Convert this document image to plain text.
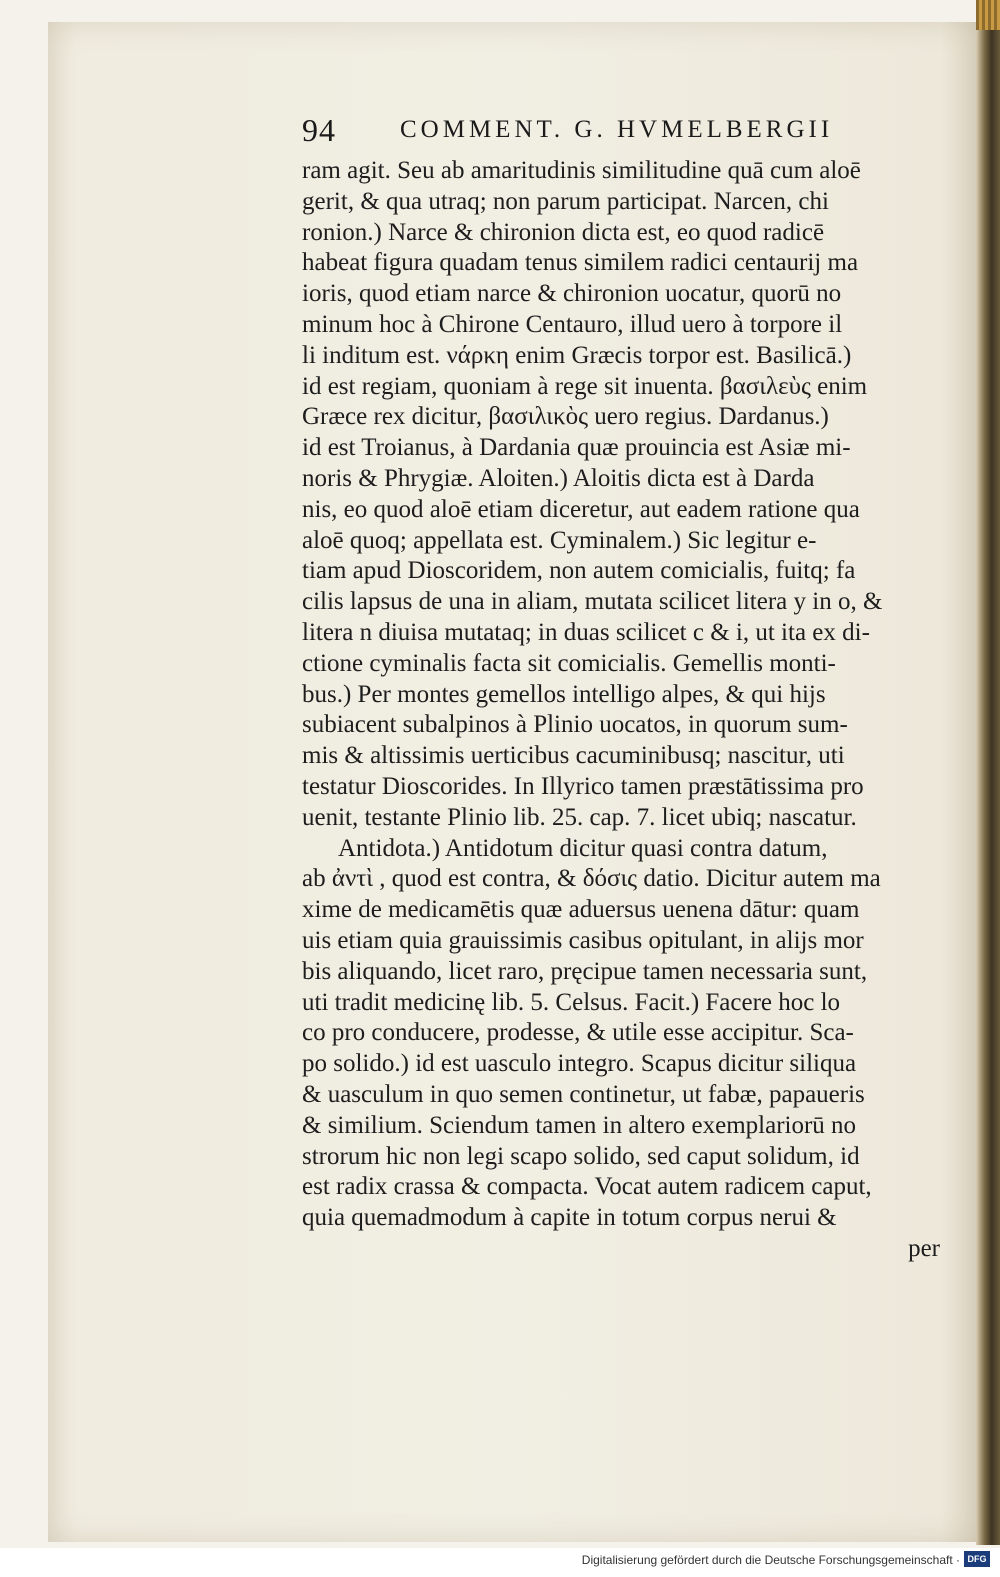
94	COMMENT. G. HVMELBERGII
ram agit. Seu ab amaritudinis similitudine quā cum aloē
gerit, & qua utraq; non parum participat. Narcen, chi
ronion.) Narce & chironion dicta est, eo quod radicē
habeat figura quadam tenus similem radici centaurij ma
ioris, quod etiam narce & chironion uocatur, quorū no
minum hoc à Chirone Centauro, illud uero à torpore il
li inditum est. νάρκη enim Græcis torpor est. Basilicā.)
id est regiam, quoniam à rege sit inuenta. βασιλεὺς enim
Græce rex dicitur, βασιλικὸς uero regius. Dardanus.)
id est Troianus, à Dardania quæ prouincia est Asiæ mi-
noris & Phrygiæ. Aloiten.) Aloitis dicta est à Darda
nis, eo quod aloē etiam diceretur, aut eadem ratione qua
aloē quoq; appellata est. Cyminalem.) Sic legitur e-
tiam apud Dioscoridem, non autem comicialis, fuitq; fa
cilis lapsus de una in aliam, mutata scilicet litera y in o, &
litera n diuisa mutataq; in duas scilicet c & i, ut ita ex di-
ctione cyminalis facta sit comicialis. Gemellis monti-
bus.) Per montes gemellos intelligo alpes, & qui hijs
subiacent subalpinos à Plinio uocatos, in quorum sum-
mis & altissimis uerticibus cacuminibusq; nascitur, uti
testatur Dioscorides. In Illyrico tamen præstātissima pro
uenit, testante Plinio lib. 25. cap. 7. licet ubiq; nascatur.
Antidota.) Antidotum dicitur quasi contra datum,
ab ἀντὶ , quod est contra, & δόσις datio. Dicitur autem ma
xime de medicamētis quæ aduersus uenena dātur: quam
uis etiam quia grauissimis casibus opitulant, in alijs mor
bis aliquando, licet raro, pręcipue tamen necessaria sunt,
uti tradit medicinę lib. 5. Celsus. Facit.) Facere hoc lo
co pro conducere, prodesse, & utile esse accipitur. Sca-
po solido.) id est uasculo integro. Scapus dicitur siliqua
& uasculum in quo semen continetur, ut fabæ, papaueris
& similium. Sciendum tamen in altero exemplariorū no
strorum hic non legi scapo solido, sed caput solidum, id
est radix crassa & compacta. Vocat autem radicem caput,
quia quemadmodum à capite in totum corpus nerui &
per
Digitalisierung gefördert durch die Deutsche Forschungsgemeinschaft · DFG
